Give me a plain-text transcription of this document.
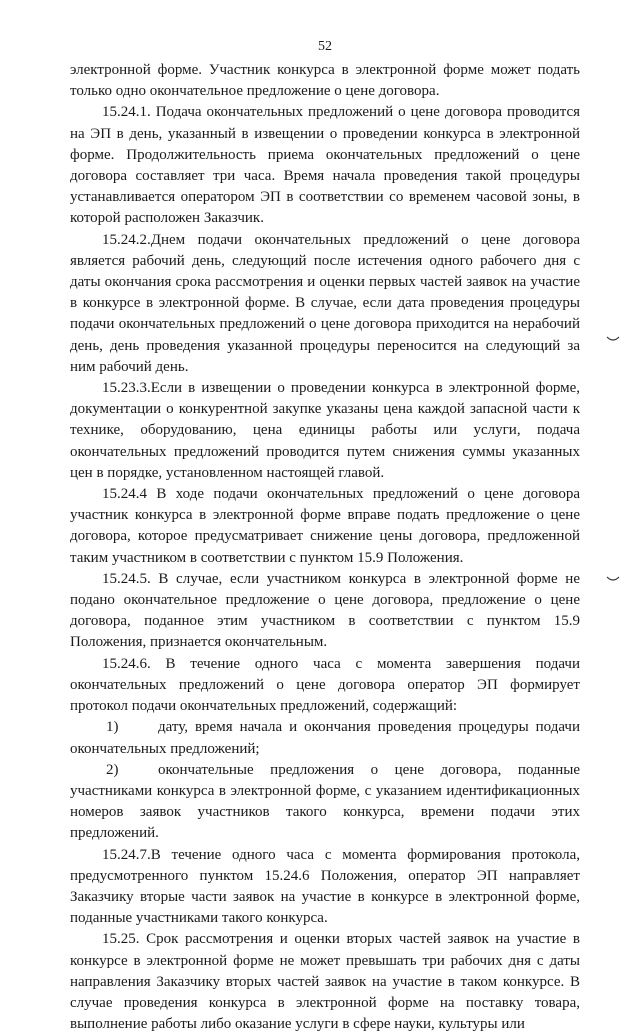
52

электронной форме. Участник конкурса в электронной форме может подать только одно окончательное предложение о цене договора.

15.24.1. Подача окончательных предложений о цене договора проводится на ЭП в день, указанный в извещении о проведении конкурса в электронной форме. Продолжительность приема окончательных предложений о цене договора составляет три часа. Время начала проведения такой процедуры устанавливается оператором ЭП в соответствии со временем часовой зоны, в которой расположен Заказчик.

15.24.2.Днем подачи окончательных предложений о цене договора является рабочий день, следующий после истечения одного рабочего дня с даты окончания срока рассмотрения и оценки первых частей заявок на участие в конкурсе в электронной форме. В случае, если дата проведения процедуры подачи окончательных предложений о цене договора приходится на нерабочий день, день проведения указанной процедуры переносится на следующий за ним рабочий день.

15.23.3.Если в извещении о проведении конкурса в электронной форме, документации о конкурентной закупке указаны цена каждой запасной части к технике, оборудованию, цена единицы работы или услуги, подача окончательных предложений проводится путем снижения суммы указанных цен в порядке, установленном настоящей главой.

15.24.4 В ходе подачи окончательных предложений о цене договора участник конкурса в электронной форме вправе подать предложение о цене договора, которое предусматривает снижение цены договора, предложенной таким участником в соответствии с пунктом 15.9 Положения.

15.24.5. В случае, если участником конкурса в электронной форме не подано окончательное предложение о цене договора, предложение о цене договора, поданное этим участником в соответствии с пунктом 15.9 Положения, признается окончательным.

15.24.6. В течение одного часа с момента завершения подачи окончательных предложений о цене договора оператор ЭП формирует протокол подачи окончательных предложений, содержащий:

1)	дату, время начала и окончания проведения процедуры подачи окончательных предложений;

2)	окончательные предложения о цене договора, поданные участниками конкурса в электронной форме, с указанием идентификационных номеров заявок участников такого конкурса, времени подачи этих предложений.

15.24.7.В течение одного часа с момента формирования протокола, предусмотренного пунктом 15.24.6 Положения, оператор ЭП направляет Заказчику вторые части заявок на участие в конкурсе в электронной форме, поданные участниками такого конкурса.

15.25. Срок рассмотрения и оценки вторых частей заявок на участие в конкурсе в электронной форме не может превышать три рабочих дня с даты направления Заказчику вторых частей заявок на участие в таком конкурсе. В случае проведения конкурса в электронной форме на поставку товара, выполнение работы либо оказание услуги в сфере науки, культуры или
